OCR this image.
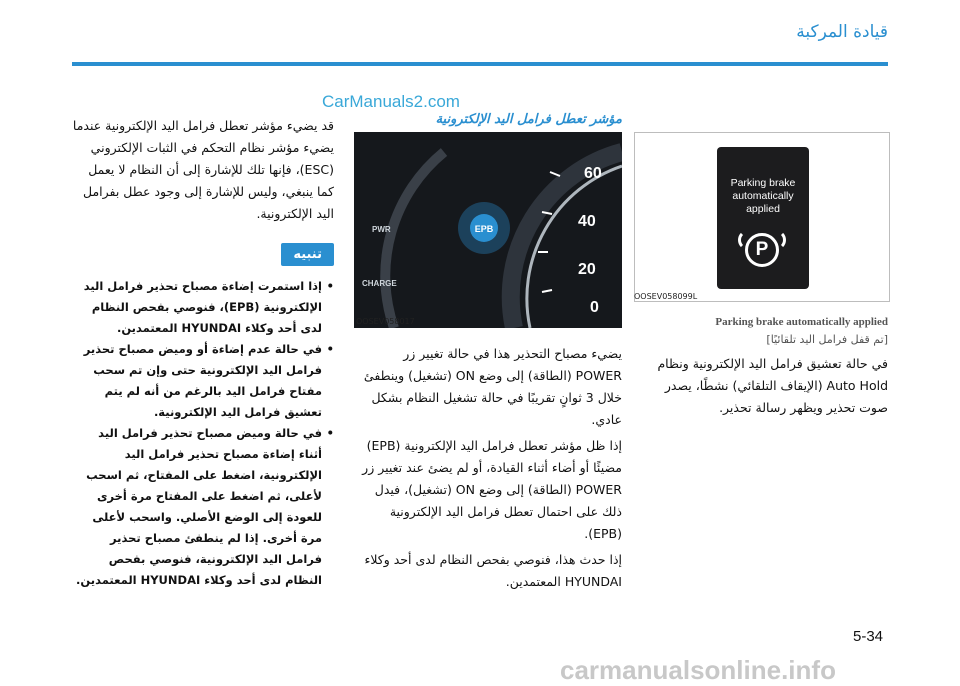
قيادة المركبة
CarManuals2.com

قد يضيء مؤشر تعطل فرامل اليد الإلكترونية عندما يضيء مؤشر نظام التحكم في الثبات الإلكتروني (ESC)، فإنها تلك للإشارة إلى أن النظام لا يعمل كما ينبغي، وليس للإشارة إلى وجود عطل بفرامل اليد الإلكترونية.

تنبيه
• إذا استمرت إضاءة مصباح تحذير فرامل اليد الإلكترونية (EPB)، فنوصي بفحص النظام لدى أحد وكلاء HYUNDAI المعتمدين.
• في حالة عدم إضاءة أو وميض مصباح تحذير فرامل اليد الإلكترونية حتى وإن تم سحب مفتاح فرامل اليد بالرغم من أنه لم يتم تعشيق فرامل اليد الإلكترونية.
• في حالة وميض مصباح تحذير فرامل اليد أثناء إضاءة مصباح تحذير فرامل اليد الإلكترونية، اضغط على المفتاح، ثم اسحب لأعلى، ثم اضغط على المفتاح مرة أخرى للعودة إلى الوضع الأصلي. واسحب لأعلى مرة أخرى. إذا لم ينطفئ مصباح تحذير فرامل اليد الإلكترونية، فنوصي بفحص النظام لدى أحد وكلاء HYUNDAI المعتمدين.
مؤشر تعطل فرامل اليد الإلكترونية
60
40
20
0
PWR
CHARGE
EPB
OOSEV058017

يضيء مصباح التحذير هذا في حالة تغيير زر POWER (الطاقة) إلى وضع ON (تشغيل) وينطفئ خلال 3 ثوانٍ تقريبًا في حالة تشغيل النظام بشكل عادي.

إذا ظل مؤشر تعطل فرامل اليد الإلكترونية (EPB) مضيئًا أو أضاء أثناء القيادة، أو لم يضئ عند تغيير زر POWER (الطاقة) إلى وضع ON (تشغيل)، فيدل ذلك على احتمال تعطل فرامل اليد الإلكترونية (EPB).

إذا حدث هذا، فنوصي بفحص النظام لدى أحد وكلاء HYUNDAI المعتمدين.

Parking brake
automatically
applied
P
OOSEV058099L

Parking brake automatically applied

[تم قفل فرامل اليد تلقائيًا]

في حالة تعشيق فرامل اليد الإلكترونية ونظام Auto Hold (الإيقاف التلقائي) نشطًا، يصدر صوت تحذير ويظهر رسالة تحذير.

5-34
carmanualsonline.info
